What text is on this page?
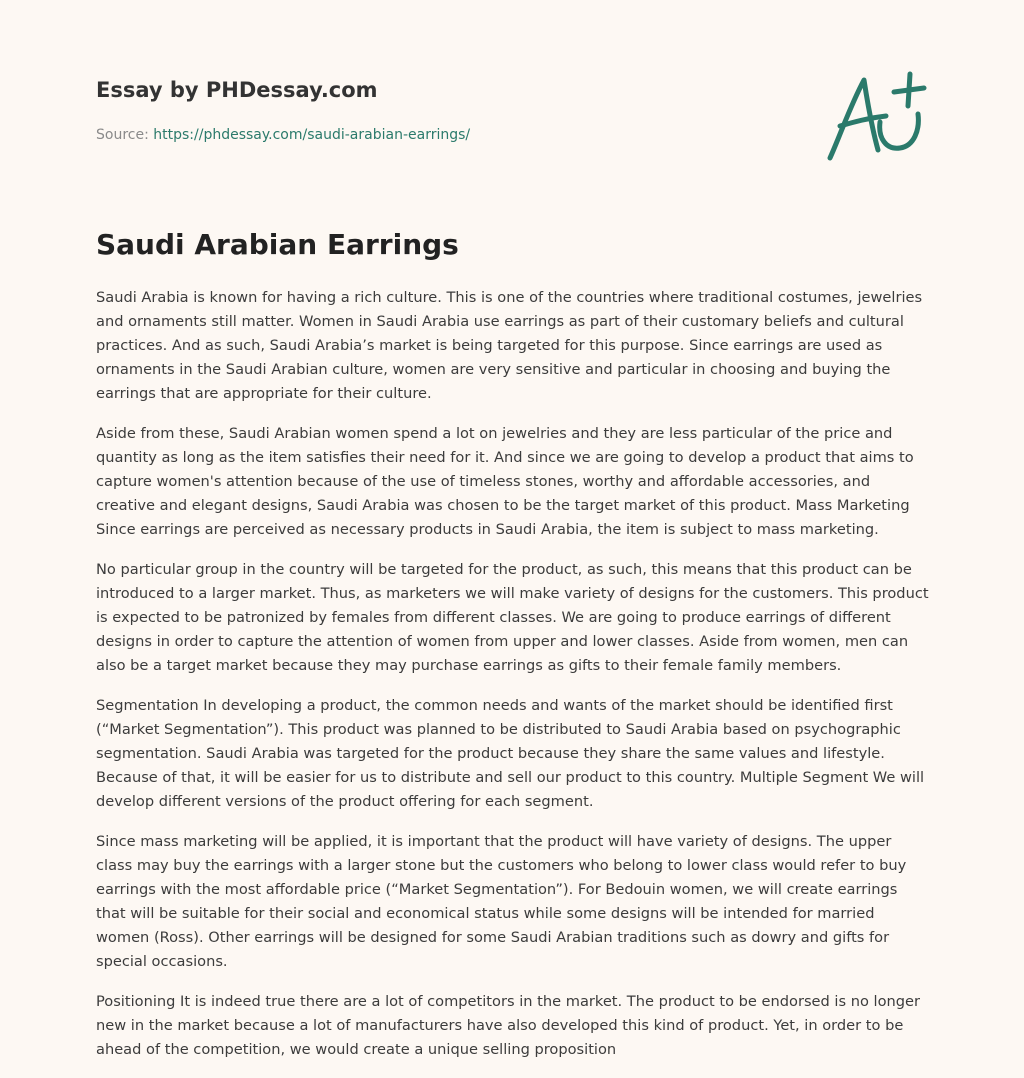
Essay by PHDessay.com
Source: https://phdessay.com/saudi-arabian-earrings/
Saudi Arabian Earrings

Saudi Arabia is known for having a rich culture. This is one of the countries where traditional costumes, jewelries and ornaments still matter. Women in Saudi Arabia use earrings as part of their customary beliefs and cultural practices. And as such, Saudi Arabia’s market is being targeted for this purpose. Since earrings are used as ornaments in the Saudi Arabian culture, women are very sensitive and particular in choosing and buying the earrings that are appropriate for their culture.

Aside from these, Saudi Arabian women spend a lot on jewelries and they are less particular of the price and quantity as long as the item satisfies their need for it. And since we are going to develop a product that aims to capture women's attention because of the use of timeless stones, worthy and affordable accessories, and creative and elegant designs, Saudi Arabia was chosen to be the target market of this product. Mass Marketing Since earrings are perceived as necessary products in Saudi Arabia, the item is subject to mass marketing.

No particular group in the country will be targeted for the product, as such, this means that this product can be introduced to a larger market. Thus, as marketers we will make variety of designs for the customers. This product is expected to be patronized by females from different classes. We are going to produce earrings of different designs in order to capture the attention of women from upper and lower classes. Aside from women, men can also be a target market because they may purchase earrings as gifts to their female family members.

Segmentation In developing a product, the common needs and wants of the market should be identified first (“Market Segmentation”). This product was planned to be distributed to Saudi Arabia based on psychographic segmentation. Saudi Arabia was targeted for the product because they share the same values and lifestyle. Because of that, it will be easier for us to distribute and sell our product to this country. Multiple Segment We will develop different versions of the product offering for each segment.

Since mass marketing will be applied, it is important that the product will have variety of designs. The upper class may buy the earrings with a larger stone but the customers who belong to lower class would refer to buy earrings with the most affordable price (“Market Segmentation”). For Bedouin women, we will create earrings that will be suitable for their social and economical status while some designs will be intended for married women (Ross). Other earrings will be designed for some Saudi Arabian traditions such as dowry and gifts for special occasions.

Positioning It is indeed true there are a lot of competitors in the market. The product to be endorsed is no longer new in the market because a lot of manufacturers have also developed this kind of product. Yet, in order to be ahead of the competition, we would create a unique selling proposition
